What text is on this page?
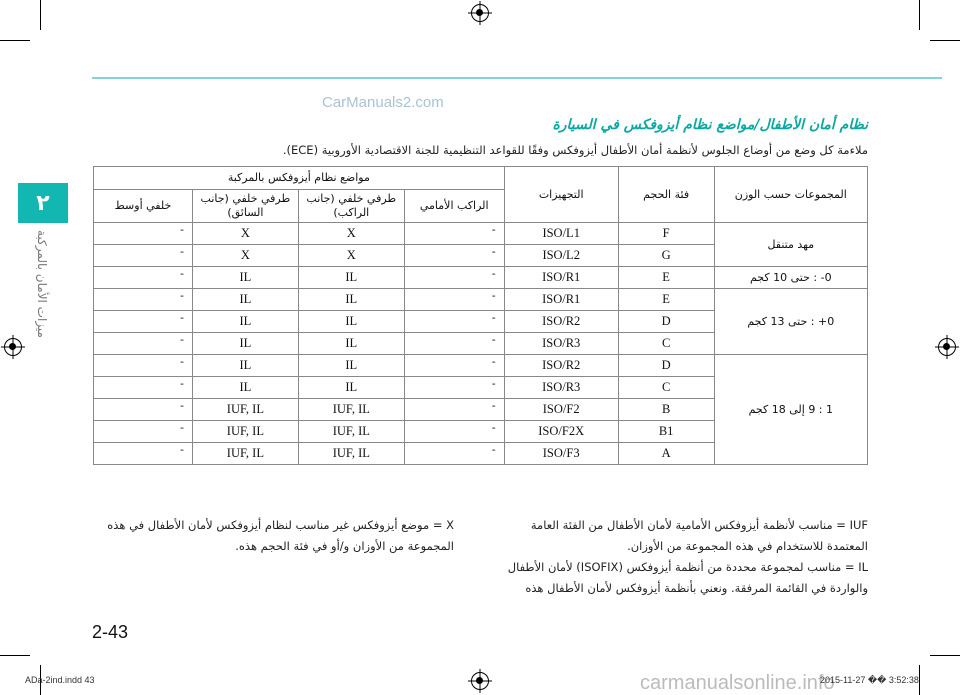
CarManuals2.com
٢
ميزات الأمان بالمركبة
نظام أمان الأطفال/مواضع نظام أيزوفكس في السيارة
ملاءمة كل وضع من أوضاع الجلوس لأنظمة أمان الأطفال أيزوفكس وفقًا للقواعد التنظيمية للجنة الاقتصادية الأوروبية (ECE).
المجموعات حسب الوزن	فئة الحجم	التجهيزات	مواضع نظام أيزوفكس بالمركبة			
			الراكب الأمامي	طرفي خلفي (جانب الراكب)	طرفي خلفي (جانب السائق)	خلفي أوسط
مهد متنقل	F	ISO/L1	-	X	X	-
	G	ISO/L2	-	X	X	-
0- : حتى 10 كجم	E	ISO/R1	-	IL	IL	-
0+ : حتى 13 كجم	E	ISO/R1	-	IL	IL	-
	D	ISO/R2	-	IL	IL	-
	C	ISO/R3	-	IL	IL	-
1 : 9 إلى 18 كجم	D	ISO/R2	-	IL	IL	-
	C	ISO/R3	-	IL	IL	-
	B	ISO/F2	-	IUF, IL	IUF, IL	-
	B1	ISO/F2X	-	IUF, IL	IUF, IL	-
	A	ISO/F3	-	IUF, IL	IUF, IL	-
IUF = مناسب لأنظمة أيزوفكس الأمامية لأمان الأطفال من الفئة العامة المعتمدة للاستخدام في هذه المجموعة من الأوزان.
IL = مناسب لمجموعة محددة من أنظمة أيزوفكس (ISOFIX) لأمان الأطفال والواردة في القائمة المرفقة. ونعني بأنظمة أيزوفكس لأمان الأطفال هذه
X = موضع أيزوفكس غير مناسب لنظام أيزوفكس لأمان الأطفال في هذه المجموعة من الأوزان و/أو في فئة الحجم هذه.
2-43
ADa-2ind.indd 43	carmanualsonline.info
2015-11-27 �� 3:52:38
